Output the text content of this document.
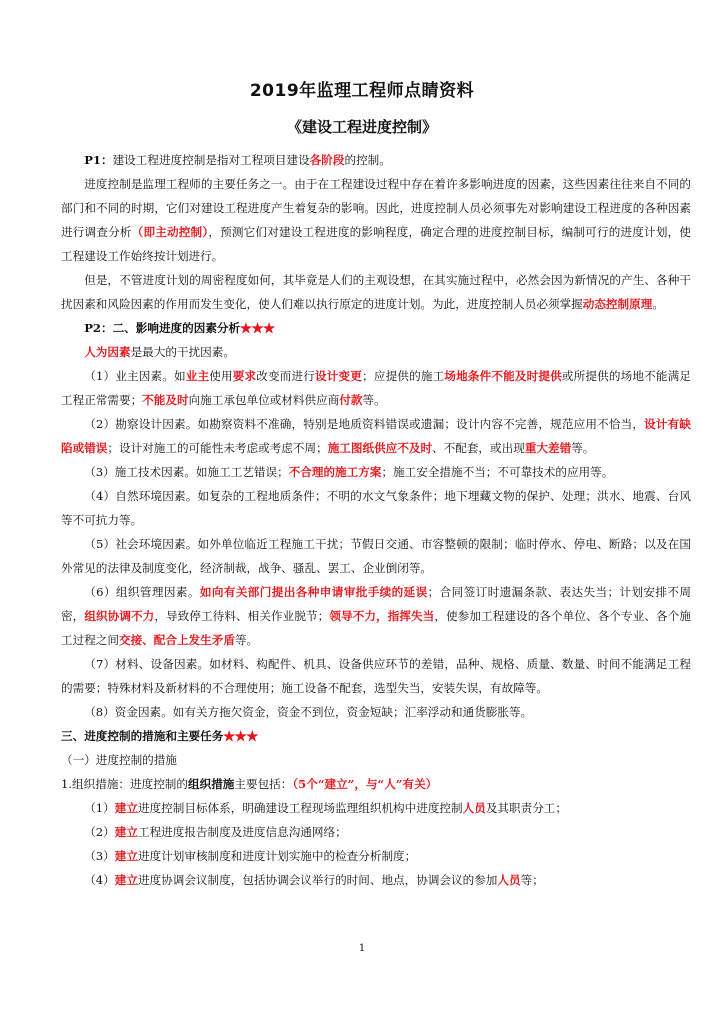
2019年监理工程师点睛资料
《建设工程进度控制》

P1：建设工程进度控制是指对工程项目建设各阶段的控制。

进度控制是监理工程师的主要任务之一。由于在工程建设过程中存在着许多影响进度的因素，这些因素往往来自不同的部门和不同的时期，它们对建设工程进度产生着复杂的影响。因此，进度控制人员必须事先对影响建设工程进度的各种因素进行调查分析（即主动控制），预测它们对建设工程进度的影响程度，确定合理的进度控制目标，编制可行的进度计划，使工程建设工作始终按计划进行。

但是，不管进度计划的周密程度如何，其毕竟是人们的主观设想，在其实施过程中，必然会因为新情况的产生、各种干扰因素和风险因素的作用而发生变化，使人们难以执行原定的进度计划。为此，进度控制人员必须掌握动态控制原理。

P2：二、影响进度的因素分析★★★

人为因素是最大的干扰因素。

（1）业主因素。如业主使用要求改变而进行设计变更；应提供的施工场地条件不能及时提供或所提供的场地不能满足工程正常需要；不能及时向施工承包单位或材料供应商付款等。

（2）勘察设计因素。如勘察资料不准确，特别是地质资料错误或遗漏；设计内容不完善，规范应用不恰当，设计有缺陷或错误；设计对施工的可能性未考虑或考虑不周；施工图纸供应不及时、不配套，或出现重大差错等。

（3）施工技术因素。如施工工艺错误；不合理的施工方案；施工安全措施不当；不可靠技术的应用等。

（4）自然环境因素。如复杂的工程地质条件；不明的水文气象条件；地下埋藏文物的保护、处理；洪水、地震、台风等不可抗力等。

（5）社会环境因素。如外单位临近工程施工干扰；节假日交通、市容整顿的限制；临时停水、停电、断路；以及在国外常见的法律及制度变化，经济制裁，战争、骚乱、罢工、企业倒闭等。

（6）组织管理因素。如向有关部门提出各种申请审批手续的延误；合同签订时遗漏条款、表达失当；计划安排不周密，组织协调不力，导致停工待料、相关作业脱节；领导不力，指挥失当，使参加工程建设的各个单位、各个专业、各个施工过程之间交接、配合上发生矛盾等。

（7）材料、设备因素。如材料、构配件、机具、设备供应环节的差错，品种、规格、质量、数量、时间不能满足工程的需要；特殊材料及新材料的不合理使用；施工设备不配套，选型失当，安装失误，有故障等。

（8）资金因素。如有关方拖欠资金，资金不到位，资金短缺；汇率浮动和通货膨胀等。

三、进度控制的措施和主要任务★★★

（一）进度控制的措施

1.组织措施：进度控制的组织措施主要包括：（5个“建立”，与“人”有关）

（1）建立进度控制目标体系，明确建设工程现场监理组织机构中进度控制人员及其职责分工；

（2）建立工程进度报告制度及进度信息沟通网络；

（3）建立进度计划审核制度和进度计划实施中的检查分析制度；

（4）建立进度协调会议制度，包括协调会议举行的时间、地点，协调会议的参加人员等；

1
